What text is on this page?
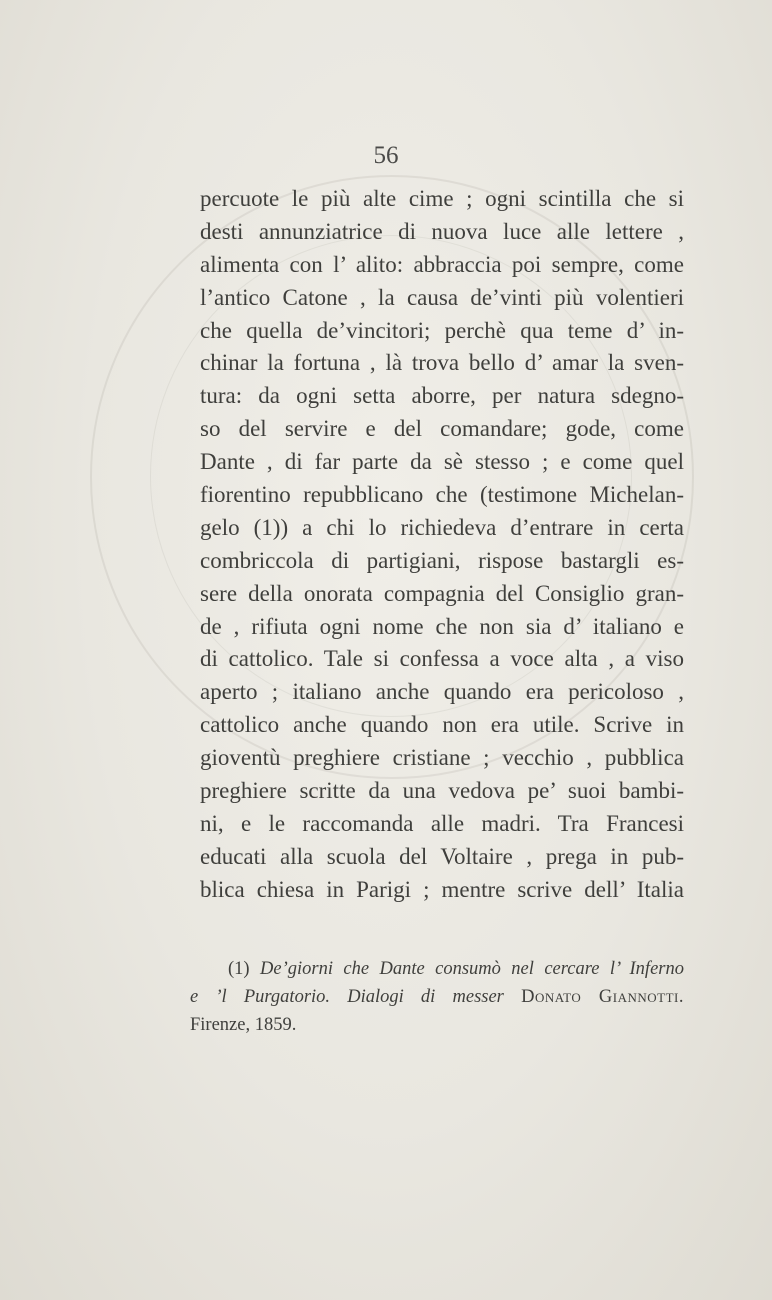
56
percuote le più alte cime ; ogni scintilla che si
desti annunziatrice di nuova luce alle lettere ,
alimenta con l’ alito: abbraccia poi sempre, come
l’antico Catone , la causa de’vinti più volentieri
che quella de’vincitori; perchè qua teme d’ in-
chinar la fortuna , là trova bello d’ amar la sven-
tura: da ogni setta aborre, per natura sdegno-
so del servire e del comandare; gode, come
Dante , di far parte da sè stesso ; e come quel
fiorentino repubblicano che (testimone Michelan-
gelo (1)) a chi lo richiedeva d’entrare in certa
combriccola di partigiani, rispose bastargli es-
sere della onorata compagnia del Consiglio gran-
de , rifiuta ogni nome che non sia d’ italiano e
di cattolico. Tale si confessa a voce alta , a viso
aperto ; italiano anche quando era pericoloso ,
cattolico anche quando non era utile. Scrive in
gioventù preghiere cristiane ; vecchio , pubblica
preghiere scritte da una vedova pe’ suoi bambi-
ni, e le raccomanda alle madri. Tra Francesi
educati alla scuola del Voltaire , prega in pub-
blica chiesa in Parigi ; mentre scrive dell’ Italia
(1) De’giorni che Dante consumò nel cercare l’ Inferno
e ’l Purgatorio. Dialogi di messer Donato Giannotti.
Firenze, 1859.
